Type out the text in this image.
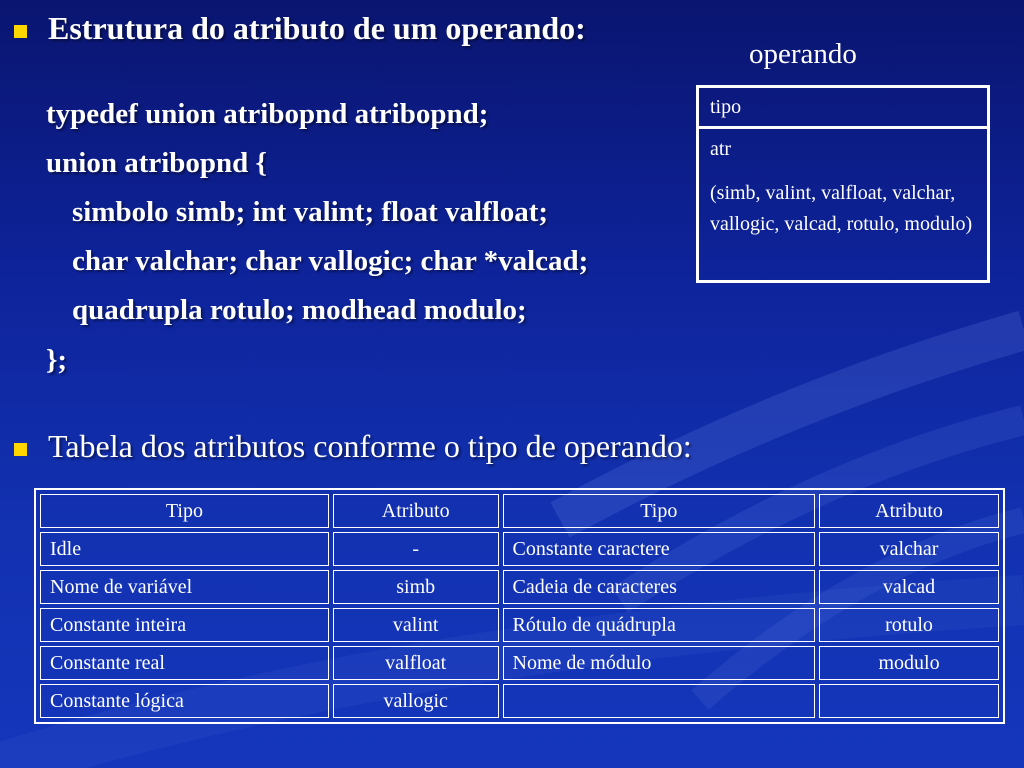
Estrutura do atributo de um operando:
operando
typedef union atribopnd atribopnd;
union atribopnd {
simbolo simb; int valint; float valfloat;
char valchar; char vallogic; char *valcad;
quadrupla rotulo; modhead modulo;
};
tipo
atr
(simb, valint, valfloat, valchar, vallogic, valcad, rotulo, modulo)
Tabela dos atributos conforme o tipo de operando:
Tipo	Atributo	Tipo	Atributo
Idle	-	Constante caractere	valchar
Nome de variável	simb	Cadeia de caracteres	valcad
Constante inteira	valint	Rótulo de quádrupla	rotulo
Constante real	valfloat	Nome de módulo	modulo
Constante lógica	vallogic		
